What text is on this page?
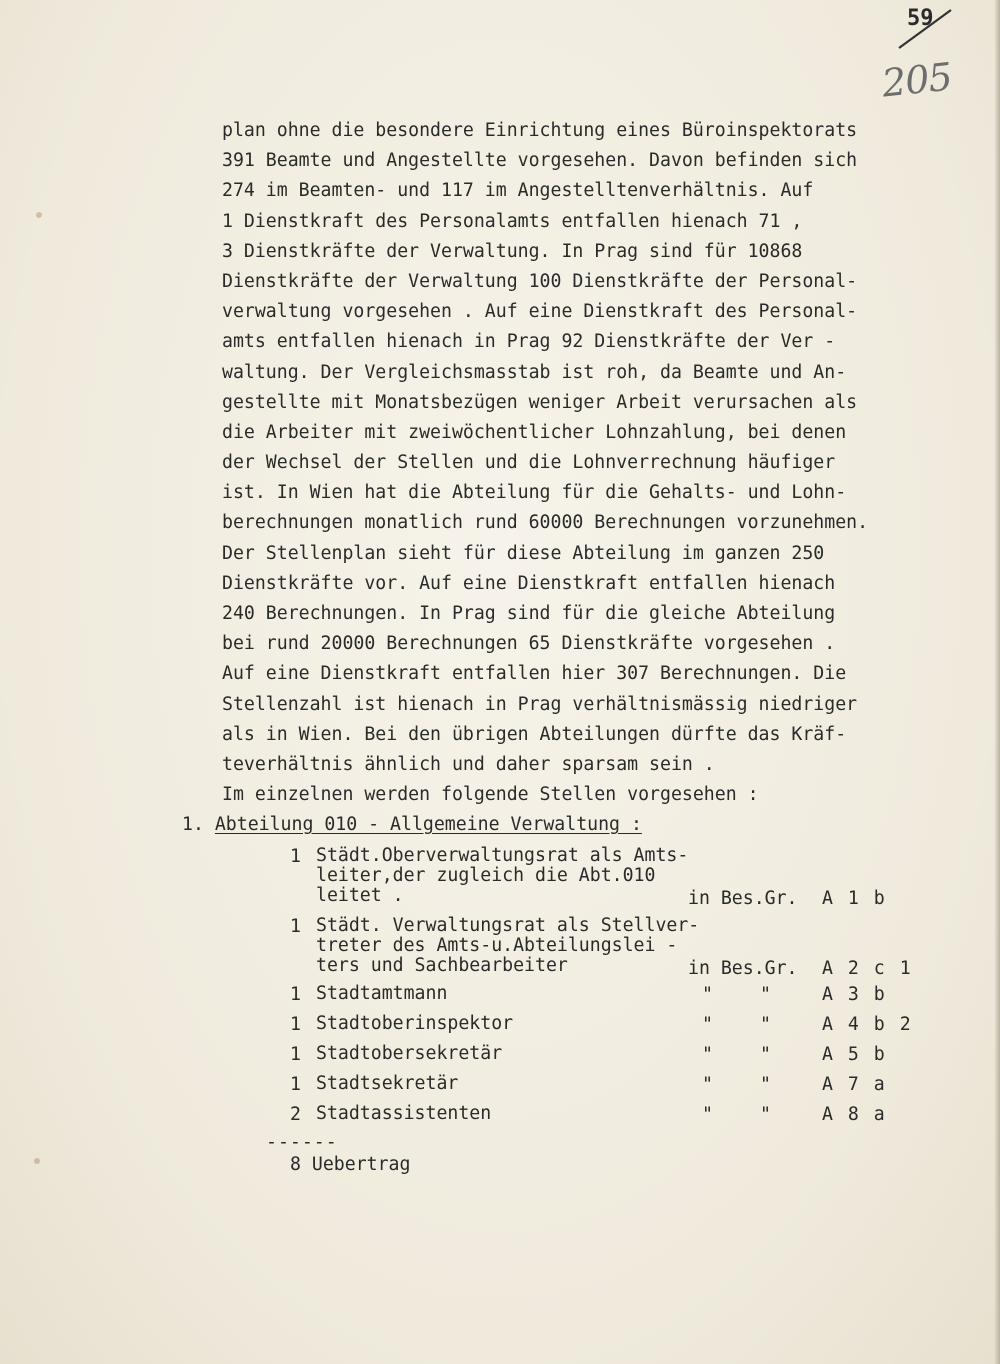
59
205
plan ohne die besondere Einrichtung eines Büroinspektorats
391 Beamte und Angestellte vorgesehen. Davon befinden sich
274 im Beamten- und 117 im Angestelltenverhältnis. Auf
1 Dienstkraft des Personalamts entfallen hienach 71 ,
3 Dienstkräfte der Verwaltung. In Prag sind für 10868
Dienstkräfte der Verwaltung 100 Dienstkräfte der Personal-
verwaltung vorgesehen . Auf eine Dienstkraft des Personal-
amts entfallen hienach in Prag 92 Dienstkräfte der Ver -
waltung. Der Vergleichsmasstab ist roh, da Beamte und An-
gestellte mit Monatsbezügen weniger Arbeit verursachen als
die Arbeiter mit zweiwöchentlicher Lohnzahlung, bei denen
der Wechsel der Stellen und die Lohnverrechnung häufiger
ist. In Wien hat die Abteilung für die Gehalts- und Lohn-
berechnungen monatlich rund 60000 Berechnungen vorzunehmen.
Der Stellenplan sieht für diese Abteilung im ganzen 250
Dienstkräfte vor. Auf eine Dienstkraft entfallen hienach
240 Berechnungen. In Prag sind für die gleiche Abteilung
bei rund 20000 Berechnungen 65 Dienstkräfte vorgesehen .
Auf eine Dienstkraft entfallen hier 307 Berechnungen. Die
Stellenzahl ist hienach in Prag verhältnismässig niedriger
als in Wien. Bei den übrigen Abteilungen dürfte das Kräf-
teverhältnis ähnlich und daher sparsam sein .
Im einzelnen werden folgende Stellen vorgesehen :
1. Abteilung 010 - Allgemeine Verwaltung :
1 Städt.Oberverwaltungsrat als Amts-
leiter,der zugleich die Abt.010
leitet .	in Bes.Gr. A 1 b
1 Städt. Verwaltungsrat als Stellver-
treter des Amts-u.Abteilungslei -
ters und Sachbearbeiter	in Bes.Gr. A 2 c 1
1 Stadtamtmann	"	"	A 3 b
1 Stadtoberinspektor	"	"	A 4 b 2
1 Stadtobersekretär	"	"	A 5 b
1 Stadtsekretär	"	"	A 7 a
2 Stadtassistenten	"	"	A 8 a
------
8 Uebertrag
